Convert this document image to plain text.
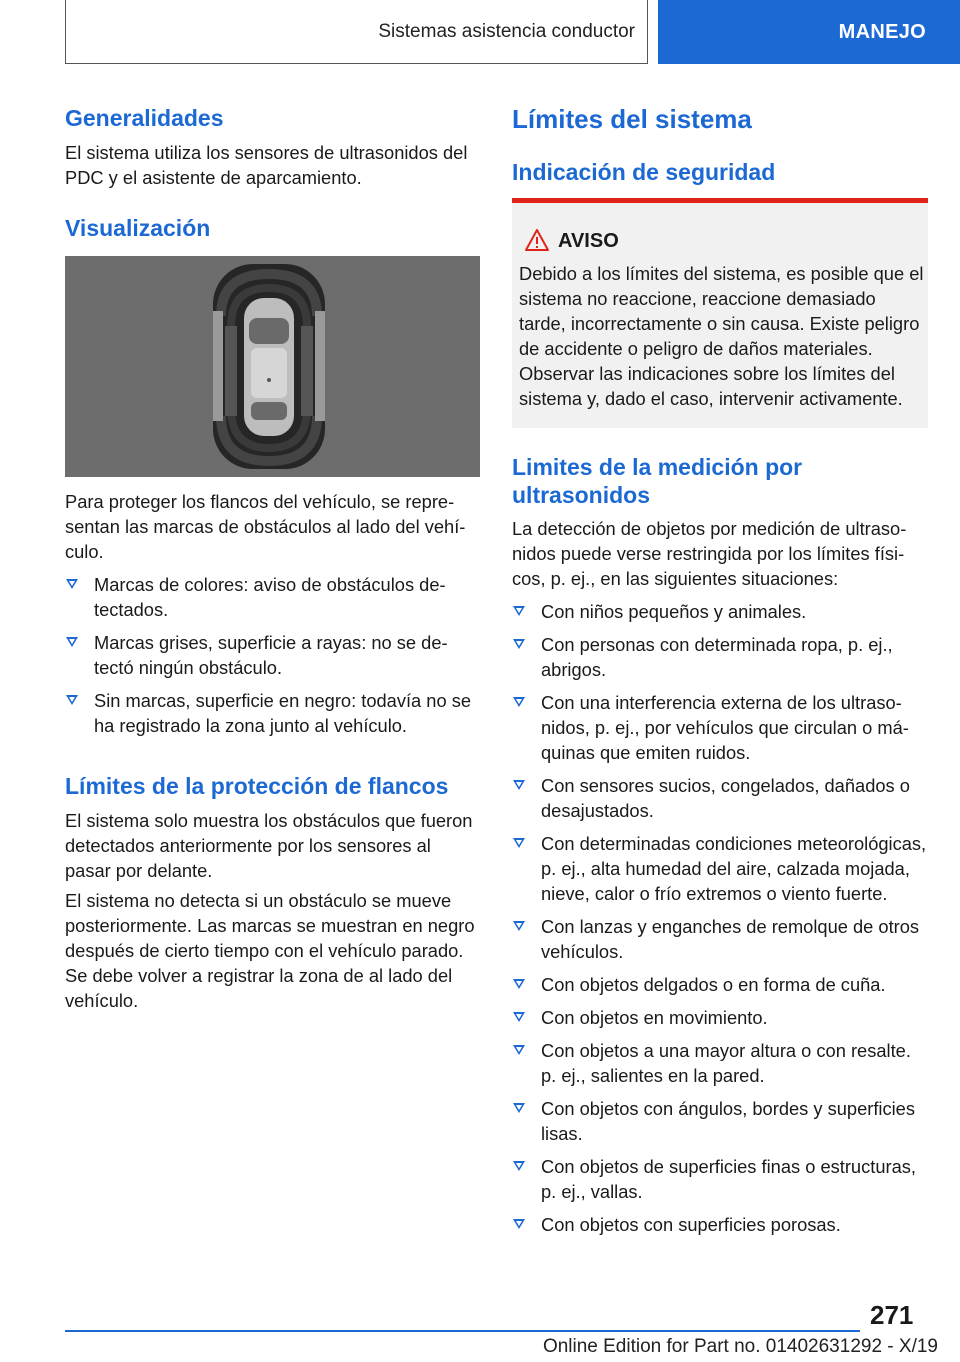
Sistemas asistencia conductor	MANEJO
Generalidades

El sistema utiliza los sensores de ultrasonidos del PDC y el asistente de aparcamiento.

Visualización

Para proteger los flancos del vehículo, se representan las marcas de obstáculos al lado del vehículo.

Marcas de colores: aviso de obstáculos detectados.
Marcas grises, superficie a rayas: no se detectó ningún obstáculo.
Sin marcas, superficie en negro: todavía no se ha registrado la zona junto al vehículo.
Límites de la protección de flancos

El sistema solo muestra los obstáculos que fueron detectados anteriormente por los sensores al pasar por delante.

El sistema no detecta si un obstáculo se mueve posteriormente. Las marcas se muestran en negro después de cierto tiempo con el vehículo parado. Se debe volver a registrar la zona de al lado del vehículo.

Límites del sistema
Indicación de seguridad
AVISO
Debido a los límites del sistema, es posible que el sistema no reaccione, reaccione demasiado tarde, incorrectamente o sin causa. Existe peligro de accidente o peligro de daños materiales. Observar las indicaciones sobre los límites del sistema y, dado el caso, intervenir activamente.
Limites de la medición por ultrasonidos

La detección de objetos por medición de ultrasonidos puede verse restringida por los límites físicos, p. ej., en las siguientes situaciones:

Con niños pequeños y animales.
Con personas con determinada ropa, p. ej., abrigos.
Con una interferencia externa de los ultrasonidos, p. ej., por vehículos que circulan o máquinas que emiten ruidos.
Con sensores sucios, congelados, dañados o desajustados.
Con determinadas condiciones meteorológicas, p. ej., alta humedad del aire, calzada mojada, nieve, calor o frío extremos o viento fuerte.
Con lanzas y enganches de remolque de otros vehículos.
Con objetos delgados o en forma de cuña.
Con objetos en movimiento.
Con objetos a una mayor altura o con resalte. p. ej., salientes en la pared.
Con objetos con ángulos, bordes y superficies lisas.
Con objetos de superficies finas o estructuras, p. ej., vallas.
Con objetos con superficies porosas.
271
Online Edition for Part no. 01402631292 - X/19
